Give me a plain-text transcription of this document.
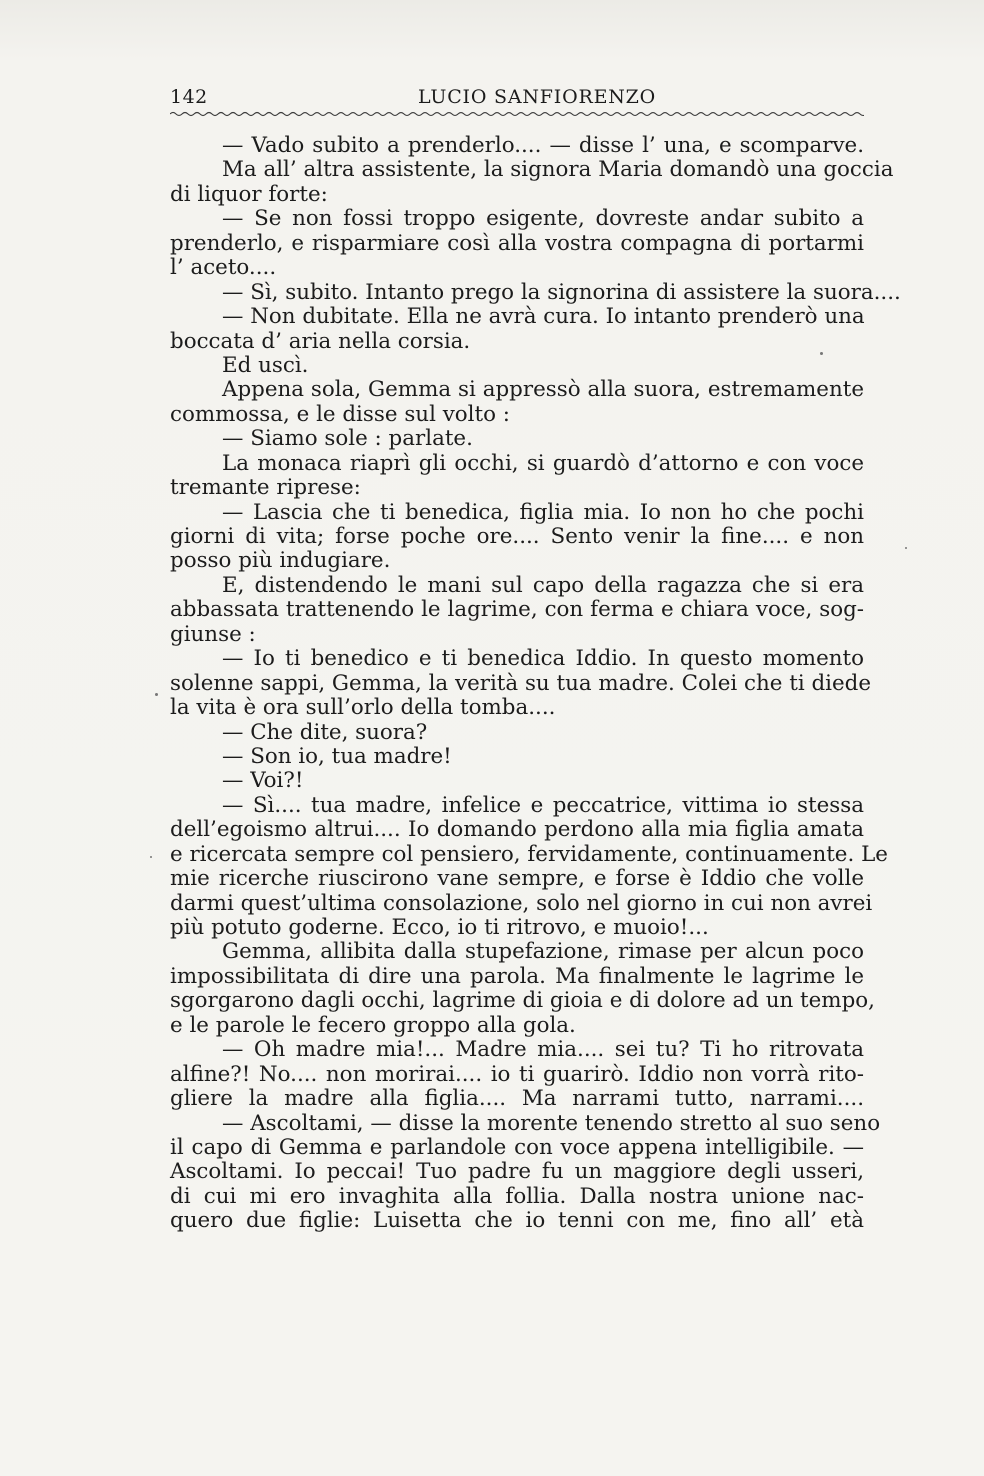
142	LUCIO SANFIORENZO
— Vado subito a prenderlo.... — disse l’ una, e scomparve.
Ma all’ altra assistente, la signora Maria domandò una goccia
di liquor forte:
— Se non fossi troppo esigente, dovreste andar subito a
prenderlo, e risparmiare così alla vostra compagna di portarmi
l’ aceto....
— Sì, subito. Intanto prego la signorina di assistere la suora....
— Non dubitate. Ella ne avrà cura. Io intanto prenderò una
boccata d’ aria nella corsia.
Ed uscì.
Appena sola, Gemma si appressò alla suora, estremamente
commossa, e le disse sul volto :
— Siamo sole : parlate.
La monaca riaprì gli occhi, si guardò d’attorno e con voce
tremante riprese:
— Lascia che ti benedica, figlia mia. Io non ho che pochi
giorni di vita; forse poche ore.... Sento venir la fine.... e non
posso più indugiare.
E, distendendo le mani sul capo della ragazza che si era
abbassata trattenendo le lagrime, con ferma e chiara voce, sog-
giunse :
— Io ti benedico e ti benedica Iddio. In questo momento
solenne sappi, Gemma, la verità su tua madre. Colei che ti diede
la vita è ora sull’orlo della tomba....
— Che dite, suora?
— Son io, tua madre!
— Voi?!
— Sì.... tua madre, infelice e peccatrice, vittima io stessa
dell’egoismo altrui.... Io domando perdono alla mia figlia amata
e ricercata sempre col pensiero, fervidamente, continuamente. Le
mie ricerche riuscirono vane sempre, e forse è Iddio che volle
darmi quest’ultima consolazione, solo nel giorno in cui non avrei
più potuto goderne. Ecco, io ti ritrovo, e muoio!...
Gemma, allibita dalla stupefazione, rimase per alcun poco
impossibilitata di dire una parola. Ma finalmente le lagrime le
sgorgarono dagli occhi, lagrime di gioia e di dolore ad un tempo,
e le parole le fecero groppo alla gola.
— Oh madre mia!... Madre mia.... sei tu? Ti ho ritrovata
alfine?! No.... non morirai.... io ti guarirò. Iddio non vorrà rito-
gliere la madre alla figlia.... Ma narrami tutto, narrami....
— Ascoltami, — disse la morente tenendo stretto al suo seno
il capo di Gemma e parlandole con voce appena intelligibile. —
Ascoltami. Io peccai! Tuo padre fu un maggiore degli usseri,
di cui mi ero invaghita alla follia. Dalla nostra unione nac-
quero due figlie: Luisetta che io tenni con me, fino all’ età
